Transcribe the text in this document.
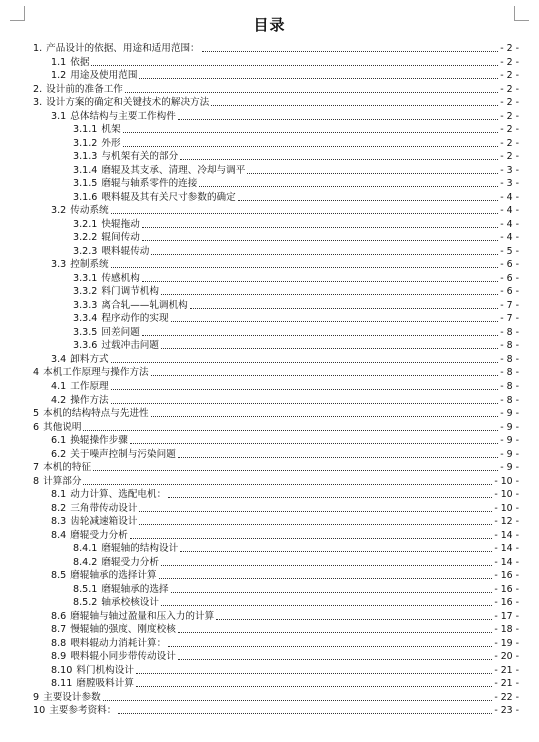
目录
1. 产品设计的依据、用途和适用范围：	- 2 -
1.1 依据	- 2 -
1.2 用途及使用范围	- 2 -
2. 设计前的准备工作	- 2 -
3. 设计方案的确定和关键技术的解决方法	- 2 -
3.1 总体结构与主要工作构件	- 2 -
3.1.1 机架	- 2 -
3.1.2 外形	- 2 -
3.1.3 与机架有关的部分	- 2 -
3.1.4 磨辊及其支承、清理、冷却与调平	- 3 -
3.1.5 磨辊与轴系零件的连接	- 3 -
3.1.6 喂料辊及其有关尺寸参数的确定	- 4 -
3.2 传动系统	- 4 -
3.2.1 快辊拖动	- 4 -
3.2.2 辊间传动	- 4 -
3.2.3 喂料辊传动	- 5 -
3.3 控制系统	- 6 -
3.3.1 传感机构	- 6 -
3.3.2 料门调节机构	- 6 -
3.3.3 离合轧——轧调机构	- 7 -
3.3.4 程序动作的实现	- 7 -
3.3.5 回差问题	- 8 -
3.3.6 过载冲击问题	- 8 -
3.4 卸料方式	- 8 -
4 本机工作原理与操作方法	- 8 -
4.1 工作原理	- 8 -
4.2 操作方法	- 8 -
5 本机的结构特点与先进性	- 9 -
6 其他说明	- 9 -
6.1 换辊操作步骤	- 9 -
6.2 关于噪声控制与污染问题	- 9 -
7 本机的特征	- 9 -
8 计算部分	- 10 -
8.1 动力计算、选配电机：	- 10 -
8.2 三角带传动设计	- 10 -
8.3 齿轮减速箱设计	- 12 -
8.4 磨辊受力分析	- 14 -
8.4.1 磨辊轴的结构设计	- 14 -
8.4.2 磨辊受力分析	- 14 -
8.5 磨辊轴承的选择计算	- 16 -
8.5.1 磨辊轴承的选择	- 16 -
8.5.2 轴承校核设计	- 16 -
8.6 磨辊轴与轴过盈量和压入力的计算	- 17 -
8.7 慢辊轴的强度、刚度校核	- 18 -
8.8 喂料辊动力消耗计算：	- 19 -
8.9 喂料辊小同步带传动设计	- 20 -
8.10 料门机构设计	- 21 -
8.11 磨膛吸料计算	- 21 -
9 主要设计参数	- 22 -
10 主要参考资料：	- 23 -
